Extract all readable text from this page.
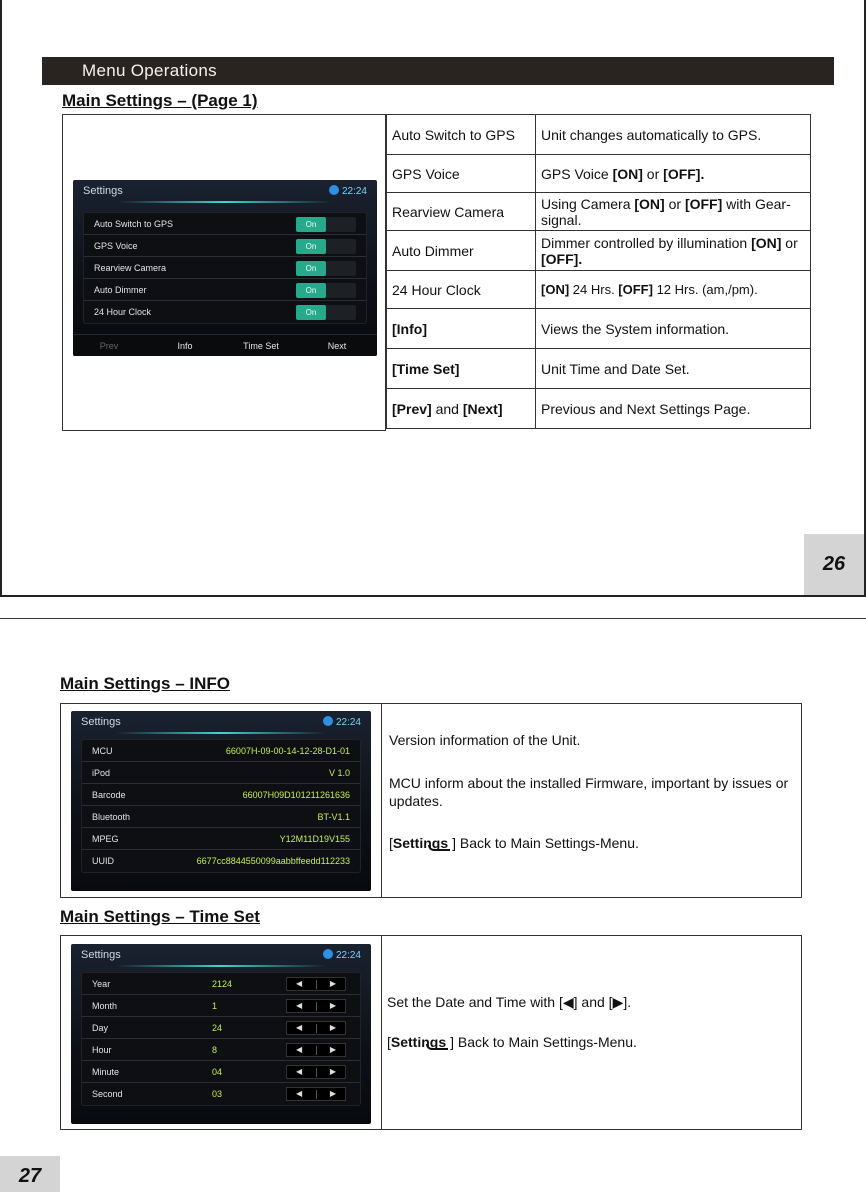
Menu Operations
Main Settings – (Page 1)
Settings	22:24
Auto Switch to GPS	On
GPS Voice	On
Rearview Camera	On
Auto Dimmer	On
24 Hour Clock	On
Prev	Info	Time Set	Next
Auto Switch to GPS	Unit changes automatically to GPS.
GPS Voice	GPS Voice [ON] or [OFF].
Rearview Camera	Using Camera [ON] or [OFF] with Gear-signal.
Auto Dimmer	Dimmer controlled by illumination [ON] or [OFF].
24 Hour Clock	[ON] 24 Hrs. [OFF] 12 Hrs. (am,/pm).
[Info]	Views the System information.
[Time Set]	Unit Time and Date Set.
[Prev] and [Next]	Previous and Next Settings Page.
26
Main Settings – INFO
Settings	22:24
MCU	66007H-09-00-14-12-28-D1-01
iPod	V 1.0
Barcode	66007H09D101211261636
Bluetooth	BT-V1.1
MPEG	Y12M11D19V155
UUID	6677cc8844550099aabbffeedd112233
Version information of the Unit.
MCU inform about the installed Firmware, important by issues or updates.
[Settings ] Back to Main Settings-Menu.
Main Settings – Time Set
Settings	22:24
Year	2124	◀	▶
Month	1	◀	▶
Day	24	◀	▶
Hour	8	◀	▶
Minute	04	◀	▶
Second	03	◀	▶
Set the Date and Time with [◀] and [▶].
[Settings ] Back to Main Settings-Menu.
27
